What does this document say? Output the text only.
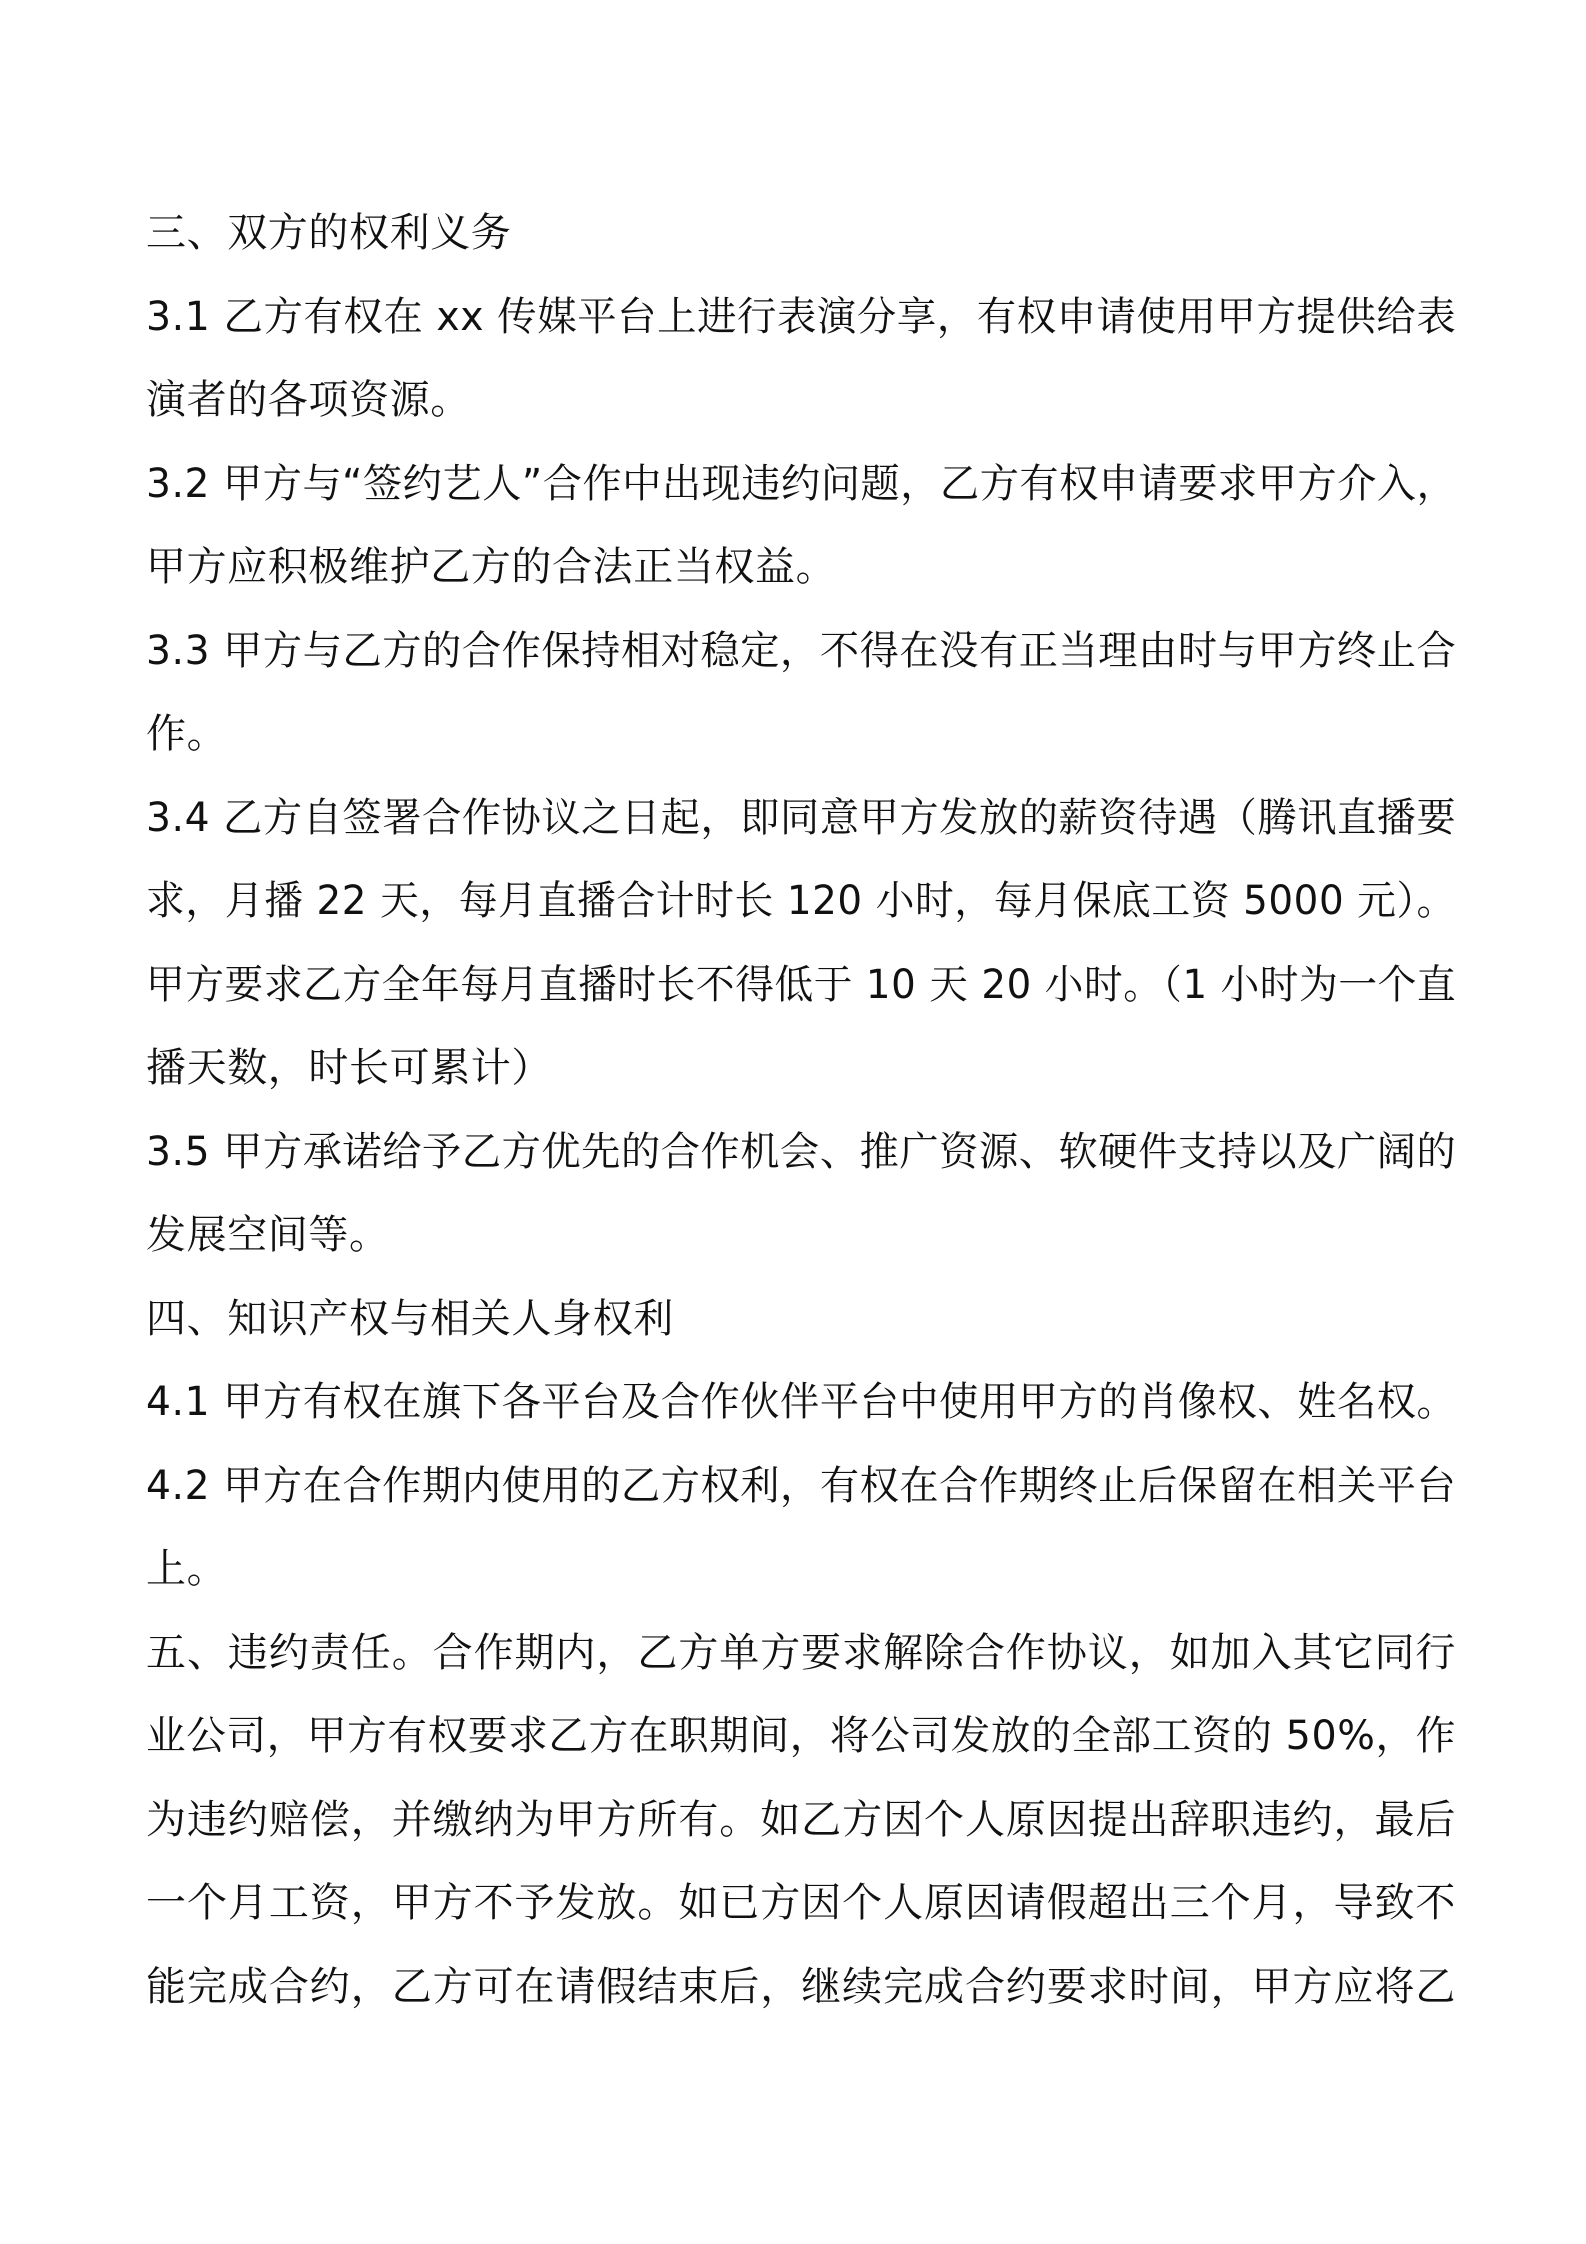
三、双方的权利义务
3.1 乙方有权在 xx 传媒平台上进行表演分享，有权申请使用甲方提供给表
演者的各项资源。
3.2 甲方与“签约艺人”合作中出现违约问题，乙方有权申请要求甲方介入，
甲方应积极维护乙方的合法正当权益。
3.3 甲方与乙方的合作保持相对稳定，不得在没有正当理由时与甲方终止合
作。
3.4 乙方自签署合作协议之日起，即同意甲方发放的薪资待遇（腾讯直播要
求，月播 22 天，每月直播合计时长 120 小时，每月保底工资 5000 元）。
甲方要求乙方全年每月直播时长不得低于 10 天 20 小时。（1 小时为一个直
播天数，时长可累计）
3.5 甲方承诺给予乙方优先的合作机会、推广资源、软硬件支持以及广阔的
发展空间等。
四、知识产权与相关人身权利
4.1 甲方有权在旗下各平台及合作伙伴平台中使用甲方的肖像权、姓名权。
4.2 甲方在合作期内使用的乙方权利，有权在合作期终止后保留在相关平台
上。
五、违约责任。合作期内，乙方单方要求解除合作协议，如加入其它同行
业公司，甲方有权要求乙方在职期间，将公司发放的全部工资的 50%，作
为违约赔偿，并缴纳为甲方所有。如乙方因个人原因提出辞职违约，最后
一个月工资，甲方不予发放。如已方因个人原因请假超出三个月，导致不
能完成合约，乙方可在请假结束后，继续完成合约要求时间，甲方应将乙
